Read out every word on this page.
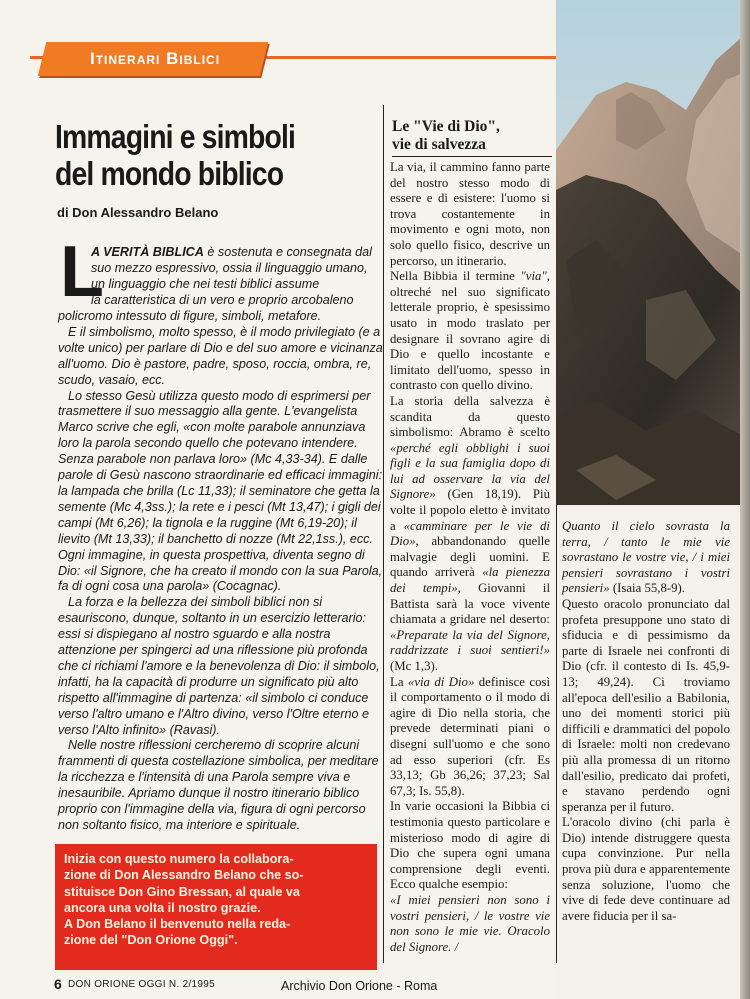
Itinerari Biblici
Immagini e simboli
del mondo biblico
di Don Alessandro Belano
L

A VERITÀ BIBLICA è sostenuta e consegnata dal
suo mezzo espressivo, ossia il linguaggio umano,
un linguaggio che nei testi biblici assume
la caratteristica di un vero e proprio arcobaleno

policromo intessuto di figure, simboli, metafore.
E il simbolismo, molto spesso, è il modo privilegiato (e a volte unico) per parlare di Dio e del suo amore e vicinanza all'uomo. Dio è pastore, padre, sposo, roccia, ombra, re, scudo, vasaio, ecc.
Lo stesso Gesù utilizza questo modo di esprimersi per trasmettere il suo messaggio alla gente. L'evangelista Marco scrive che egli, «con molte parabole annunziava loro la parola secondo quello che potevano intendere. Senza parabole non parlava loro» (Mc 4,33-34). E dalle parole di Gesù nascono straordinarie ed efficaci immagini: la lampada che brilla (Lc 11,33); il seminatore che getta la semente (Mc 4,3ss.); la rete e i pesci (Mt 13,47); i gigli dei campi (Mt 6,26); la tignola e la ruggine (Mt 6,19-20); il lievito (Mt 13,33); il banchetto di nozze (Mt 22,1ss.), ecc. Ogni immagine, in questa prospettiva, diventa segno di Dio: «il Signore, che ha creato il mondo con la sua Parola, fa di ogni cosa una parola» (Cocagnac).
La forza e la bellezza dei simboli biblici non si esauriscono, dunque, soltanto in un esercizio letterario: essi si dispiegano al nostro sguardo e alla nostra attenzione per spingerci ad una riflessione più profonda che ci richiami l'amore e la benevolenza di Dio: il simbolo, infatti, ha la capacità di produrre un significato più alto rispetto all'immagine di partenza: «il simbolo ci conduce verso l'altro umano e l'Altro divino, verso l'Oltre eterno e verso l'Alto infinito» (Ravasi).
Nelle nostre riflessioni cercheremo di scoprire alcuni frammenti di questa costellazione simbolica, per meditare la ricchezza e l'intensità di una Parola sempre viva e inesauribile. Apriamo dunque il nostro itinerario biblico proprio con l'immagine della via, figura di ogni percorso non soltanto fisico, ma interiore e spirituale.

Inizia con questo numero la collabora-
zione di Don Alessandro Belano che so-
stituisce Don Gino Bressan, al quale va
ancora una volta il nostro grazie.
A Don Belano il benvenuto nella reda-
zione del "Don Orione Oggi".

6 DON ORIONE OGGI N. 2/1995	Archivio Don Orione - Roma
Le "Vie di Dio",
vie di salvezza

La via, il cammino fanno parte del nostro stesso modo di essere e di esistere: l'uomo si trova costantemente in movimento e ogni moto, non solo quello fisico, descrive un percorso, un itinerario.

Nella Bibbia il termine "via", oltreché nel suo significato letterale proprio, è spesissimo usato in modo traslato per designare il sovrano agire di Dio e quello incostante e limitato dell'uomo, spesso in contrasto con quello divino.

La storia della salvezza è scandita da questo simbolismo: Abramo è scelto «perché egli obblighi i suoi figli e la sua famiglia dopo di lui ad osservare la via del Signore» (Gen 18,19). Più volte il popolo eletto è invitato a «camminare per le vie di Dio», abbandonando quelle malvagie degli uomini. E quando arriverà «la pienezza dei tempi», Giovanni il Battista sarà la voce vivente chiamata a gridare nel deserto: «Preparate la via del Signore, raddrizzate i suoi sentieri!» (Mc 1,3).

La «via di Dio» definisce così il comportamento o il modo di agire di Dio nella storia, che prevede determinati piani o disegni sull'uomo e che sono ad esso superiori (cfr. Es 33,13; Gb 36,26; 37,23; Sal 67,3; Is. 55,8).

In varie occasioni la Bibbia ci testimonia questo particolare e misterioso modo di agire di Dio che supera ogni umana comprensione degli eventi. Ecco qualche esempio:

«I miei pensieri non sono i vostri pensieri, / le vostre vie non sono le mie vie. Oracolo del Signore. /

Quanto il cielo sovrasta la terra, / tanto le mie vie sovrastano le vostre vie, / i miei pensieri sovrastano i vostri pensieri» (Isaia 55,8-9).

Questo oracolo pronunciato dal profeta presuppone uno stato di sfiducia e di pessimismo da parte di Israele nei confronti di Dio (cfr. il contesto di Is. 45,9-13; 49,24). Ci troviamo all'epoca dell'esilio a Babilonia, uno dei momenti storici più difficili e drammatici del popolo di Israele: molti non credevano più alla promessa di un ritorno dall'esilio, predicato dai profeti, e stavano perdendo ogni speranza per il futuro.

L'oracolo divino (chi parla è Dio) intende distruggere questa cupa convinzione. Pur nella prova più dura e apparentemente senza soluzione, l'uomo che vive di fede deve continuare ad avere fiducia per il sa-
